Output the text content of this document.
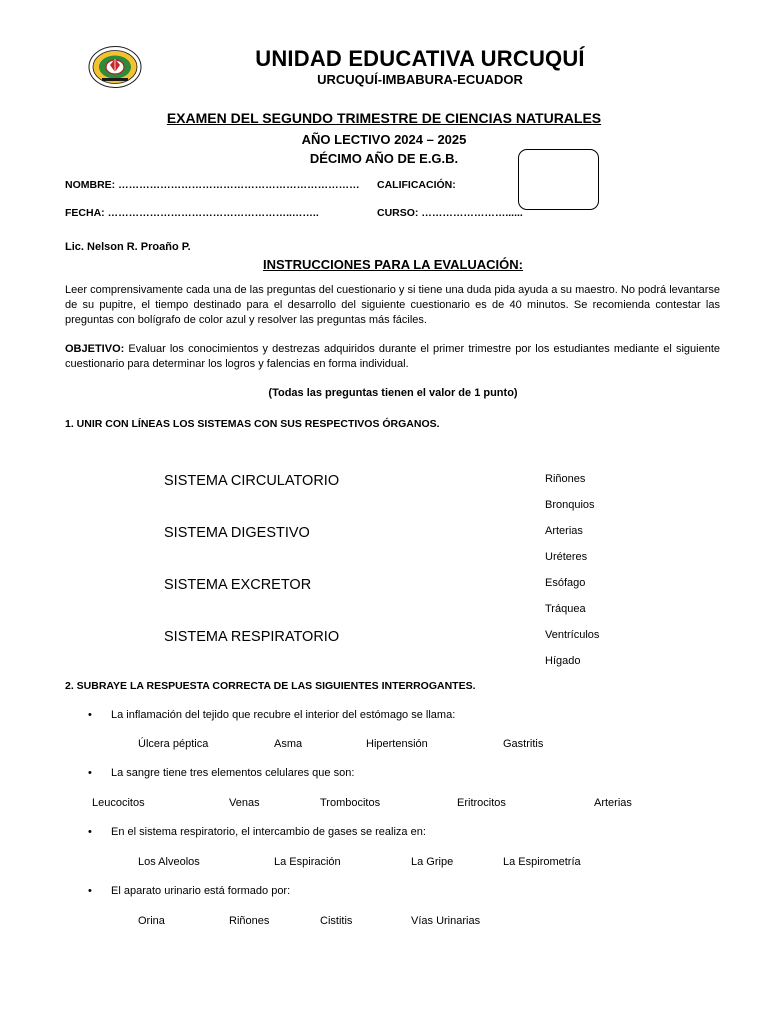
UNIDAD EDUCATIVA URCUQUÍ
URCUQUÍ-IMBABURA-ECUADOR
EXAMEN DEL SEGUNDO TRIMESTRE DE CIENCIAS NATURALES
AÑO LECTIVO 2024 – 2025
DÉCIMO AÑO DE E.G.B.
NOMBRE: …………………………………………………………… CALIFICACIÓN:
FECHA: ……………………………………………..……..	CURSO: ……………………......
Lic. Nelson R. Proaño P.
INSTRUCCIONES PARA LA EVALUACIÓN:
Leer comprensivamente cada una de las preguntas del cuestionario y si tiene una duda pida ayuda a su maestro. No podrá levantarse de su pupitre, el tiempo destinado para el desarrollo del siguiente cuestionario es de 40 minutos. Se recomienda contestar las preguntas con bolígrafo de color azul y resolver las preguntas más fáciles.
OBJETIVO: Evaluar los conocimientos y destrezas adquiridos durante el primer trimestre por los estudiantes mediante el siguiente cuestionario para determinar los logros y falencias en forma individual.
(Todas las preguntas tienen el valor de 1 punto)
1. UNIR CON LÍNEAS LOS SISTEMAS CON SUS RESPECTIVOS ÓRGANOS.
SISTEMA CIRCULATORIO
SISTEMA DIGESTIVO
SISTEMA EXCRETOR
SISTEMA RESPIRATORIO
Riñones
Bronquios
Arterias
Uréteres
Esófago
Tráquea
Ventrículos
Hígado
2. SUBRAYE LA RESPUESTA CORRECTA DE LAS SIGUIENTES INTERROGANTES.
• La inflamación del tejido que recubre el interior del estómago se llama:
Úlcera péptica	Asma	Hipertensión	Gastritis
• La sangre tiene tres elementos celulares que son:
Leucocitos	Venas	Trombocitos	Eritrocitos	Arterias
• En el sistema respiratorio, el intercambio de gases se realiza en:
Los Alveolos	La Espiración	La Gripe	La Espirometría
• El aparato urinario está formado por:
Orina	Riñones	Cistitis	Vías Urinarias
